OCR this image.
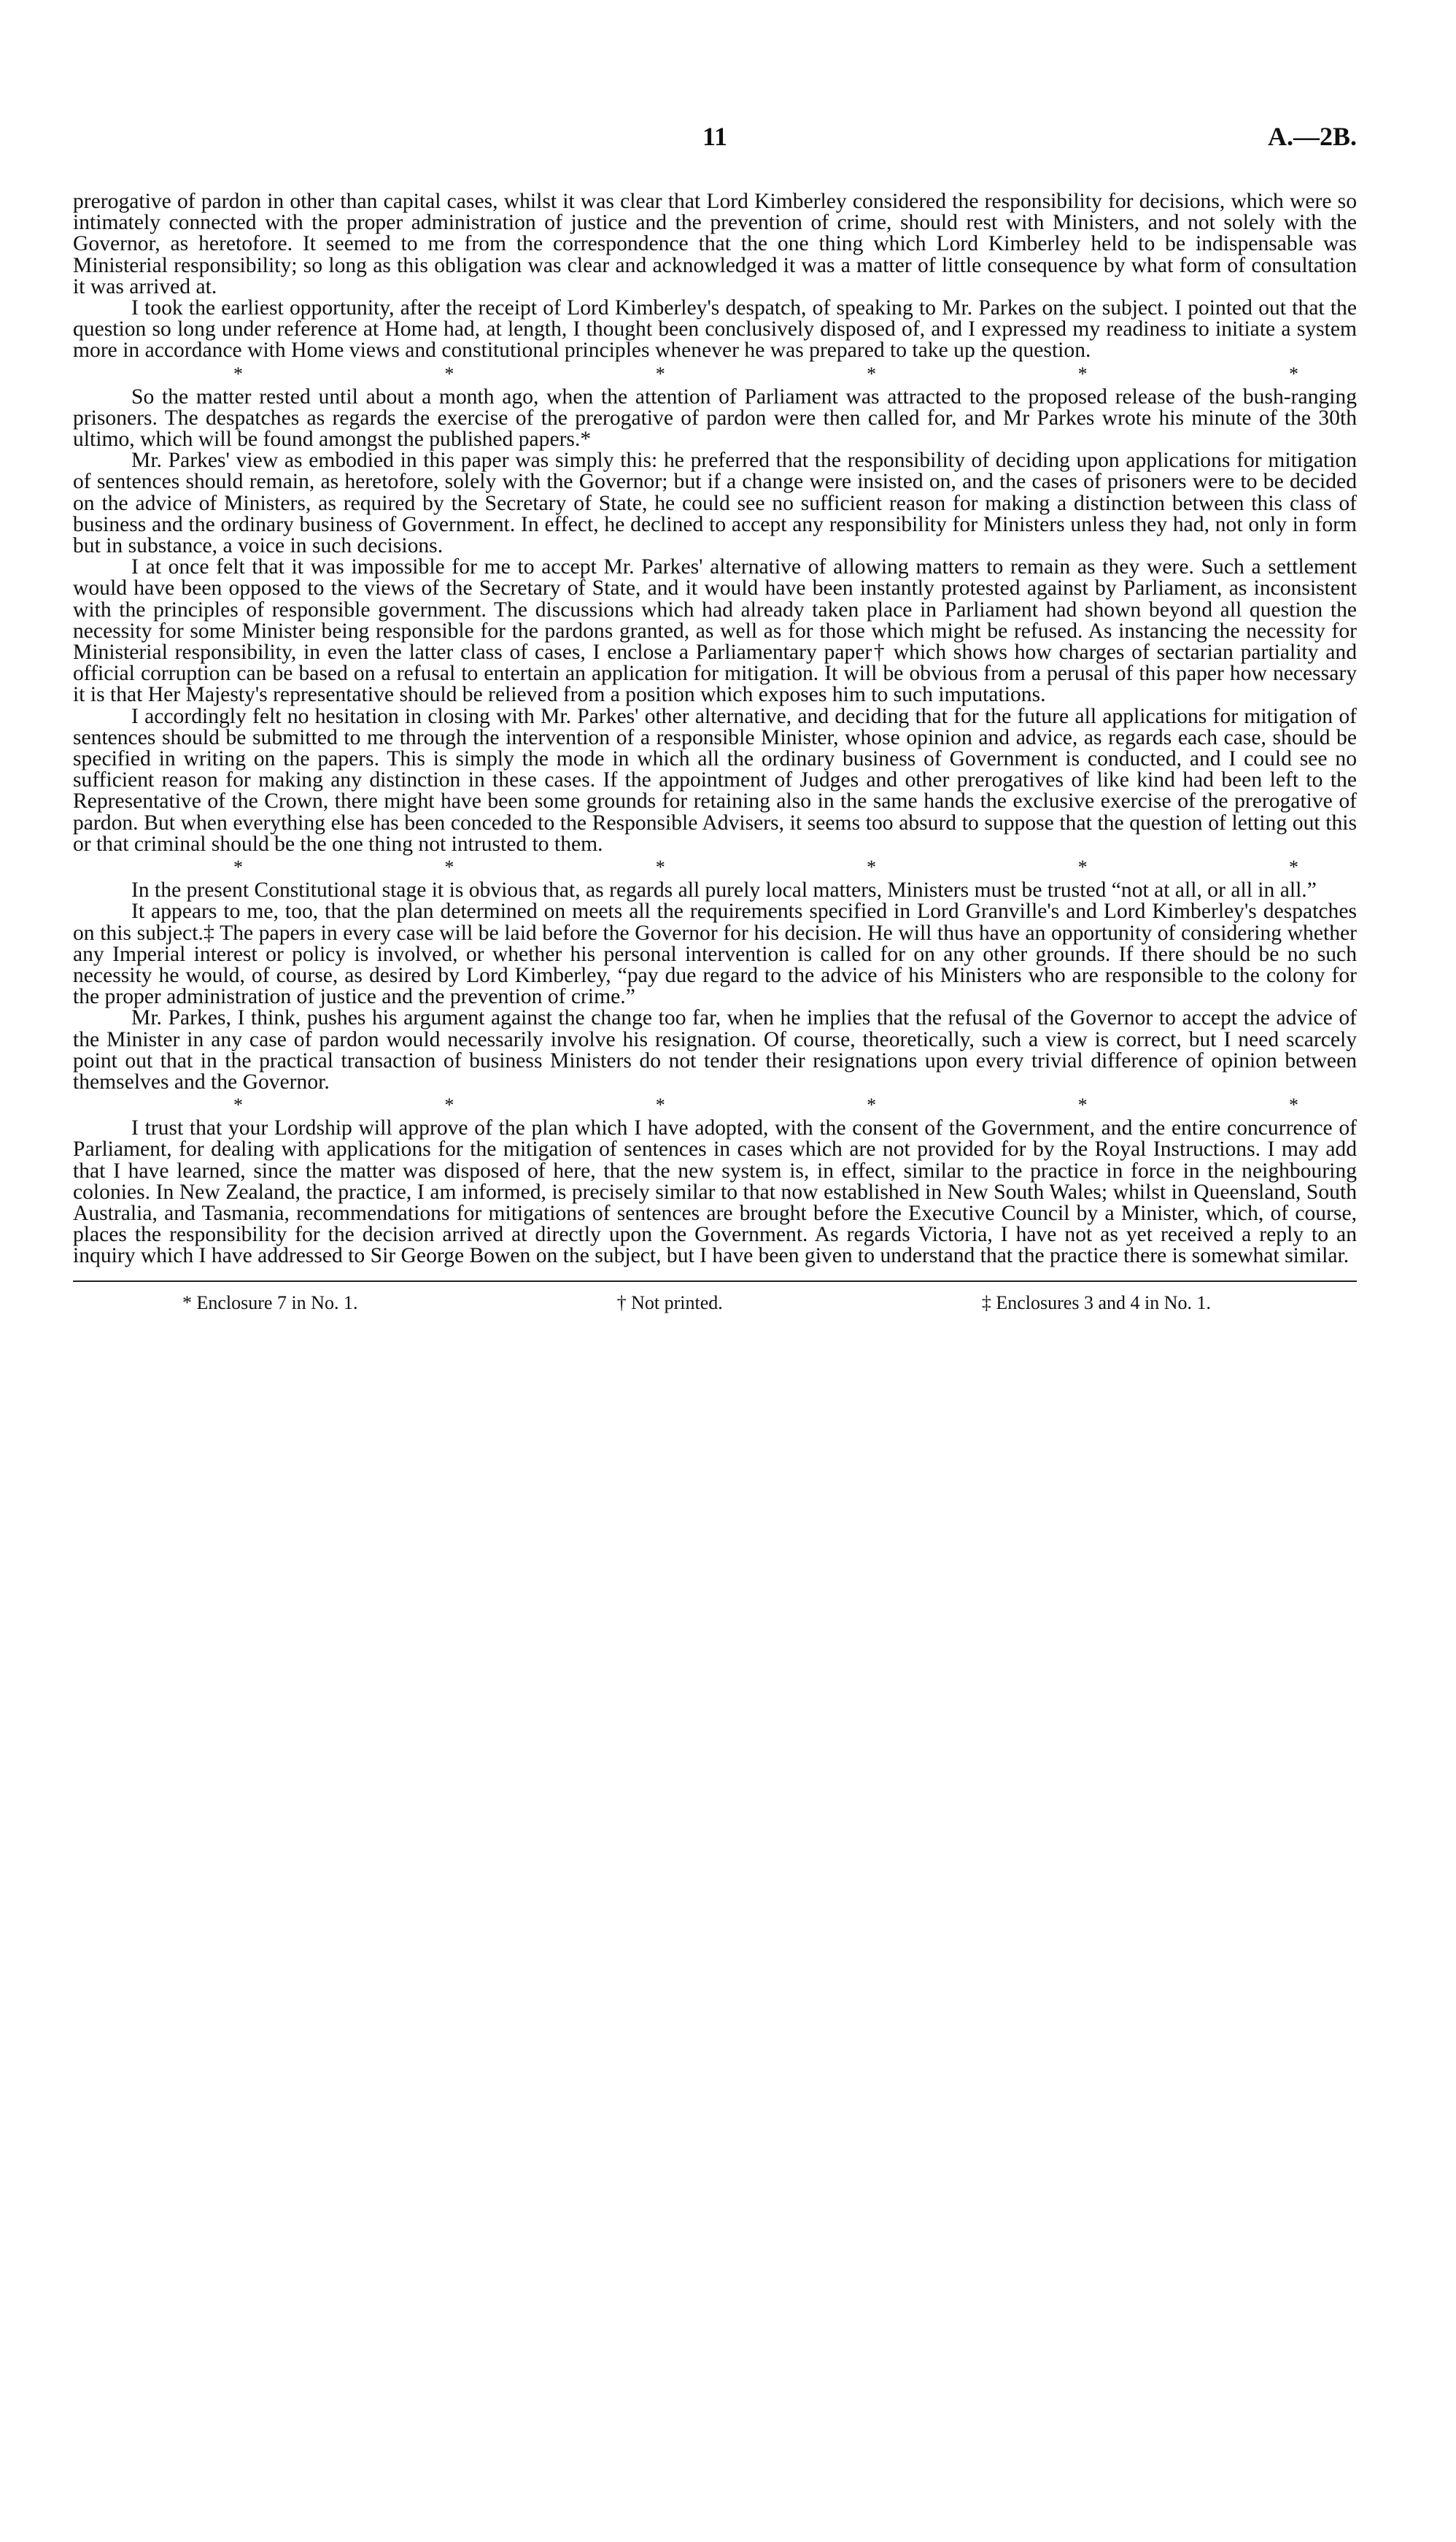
11	A.—2B.

prerogative of pardon in other than capital cases, whilst it was clear that Lord Kimberley considered the responsibility for decisions, which were so intimately connected with the proper administration of justice and the prevention of crime, should rest with Ministers, and not solely with the Governor, as heretofore. It seemed to me from the correspondence that the one thing which Lord Kimberley held to be indispensable was Ministerial responsibility; so long as this obligation was clear and acknowledged it was a matter of little consequence by what form of consultation it was arrived at.

I took the earliest opportunity, after the receipt of Lord Kimberley's despatch, of speaking to Mr. Parkes on the subject. I pointed out that the question so long under reference at Home had, at length, I thought been conclusively disposed of, and I expressed my readiness to initiate a system more in accordance with Home views and constitutional principles whenever he was prepared to take up the question.

*	*	*	*	*	*

So the matter rested until about a month ago, when the attention of Parliament was attracted to the proposed release of the bush-ranging prisoners. The despatches as regards the exercise of the prerogative of pardon were then called for, and Mr Parkes wrote his minute of the 30th ultimo, which will be found amongst the published papers.*

Mr. Parkes' view as embodied in this paper was simply this: he preferred that the responsibility of deciding upon applications for mitigation of sentences should remain, as heretofore, solely with the Governor; but if a change were insisted on, and the cases of prisoners were to be decided on the advice of Ministers, as required by the Secretary of State, he could see no sufficient reason for making a distinction between this class of business and the ordinary business of Government. In effect, he declined to accept any responsibility for Ministers unless they had, not only in form but in substance, a voice in such decisions.

I at once felt that it was impossible for me to accept Mr. Parkes' alternative of allowing matters to remain as they were. Such a settlement would have been opposed to the views of the Secretary of State, and it would have been instantly protested against by Parliament, as inconsistent with the principles of responsible government. The discussions which had already taken place in Parliament had shown beyond all question the necessity for some Minister being responsible for the pardons granted, as well as for those which might be refused. As instancing the necessity for Ministerial responsibility, in even the latter class of cases, I enclose a Parliamentary paper† which shows how charges of sectarian partiality and official corruption can be based on a refusal to entertain an application for mitigation. It will be obvious from a perusal of this paper how necessary it is that Her Majesty's representative should be relieved from a position which exposes him to such imputations.

I accordingly felt no hesitation in closing with Mr. Parkes' other alternative, and deciding that for the future all applications for mitigation of sentences should be submitted to me through the intervention of a responsible Minister, whose opinion and advice, as regards each case, should be specified in writing on the papers. This is simply the mode in which all the ordinary business of Government is conducted, and I could see no sufficient reason for making any distinction in these cases. If the appointment of Judges and other prerogatives of like kind had been left to the Representative of the Crown, there might have been some grounds for retaining also in the same hands the exclusive exercise of the prerogative of pardon. But when everything else has been conceded to the Responsible Advisers, it seems too absurd to suppose that the question of letting out this or that criminal should be the one thing not intrusted to them.

*	*	*	*	*	*

In the present Constitutional stage it is obvious that, as regards all purely local matters, Ministers must be trusted “not at all, or all in all.”

It appears to me, too, that the plan determined on meets all the requirements specified in Lord Granville's and Lord Kimberley's despatches on this subject.‡ The papers in every case will be laid before the Governor for his decision. He will thus have an opportunity of considering whether any Imperial interest or policy is involved, or whether his personal intervention is called for on any other grounds. If there should be no such necessity he would, of course, as desired by Lord Kimberley, “pay due regard to the advice of his Ministers who are responsible to the colony for the proper administration of justice and the prevention of crime.”

Mr. Parkes, I think, pushes his argument against the change too far, when he implies that the refusal of the Governor to accept the advice of the Minister in any case of pardon would necessarily involve his resignation. Of course, theoretically, such a view is correct, but I need scarcely point out that in the practical transaction of business Ministers do not tender their resignations upon every trivial difference of opinion between themselves and the Governor.

*	*	*	*	*	*

I trust that your Lordship will approve of the plan which I have adopted, with the consent of the Government, and the entire concurrence of Parliament, for dealing with applications for the mitigation of sentences in cases which are not provided for by the Royal Instructions. I may add that I have learned, since the matter was disposed of here, that the new system is, in effect, similar to the practice in force in the neighbouring colonies. In New Zealand, the practice, I am informed, is precisely similar to that now established in New South Wales; whilst in Queensland, South Australia, and Tasmania, recommendations for mitigations of sentences are brought before the Executive Council by a Minister, which, of course, places the responsibility for the decision arrived at directly upon the Government. As regards Victoria, I have not as yet received a reply to an inquiry which I have addressed to Sir George Bowen on the subject, but I have been given to understand that the practice there is somewhat similar.

* Enclosure 7 in No. 1.	† Not printed.	‡ Enclosures 3 and 4 in No. 1.
